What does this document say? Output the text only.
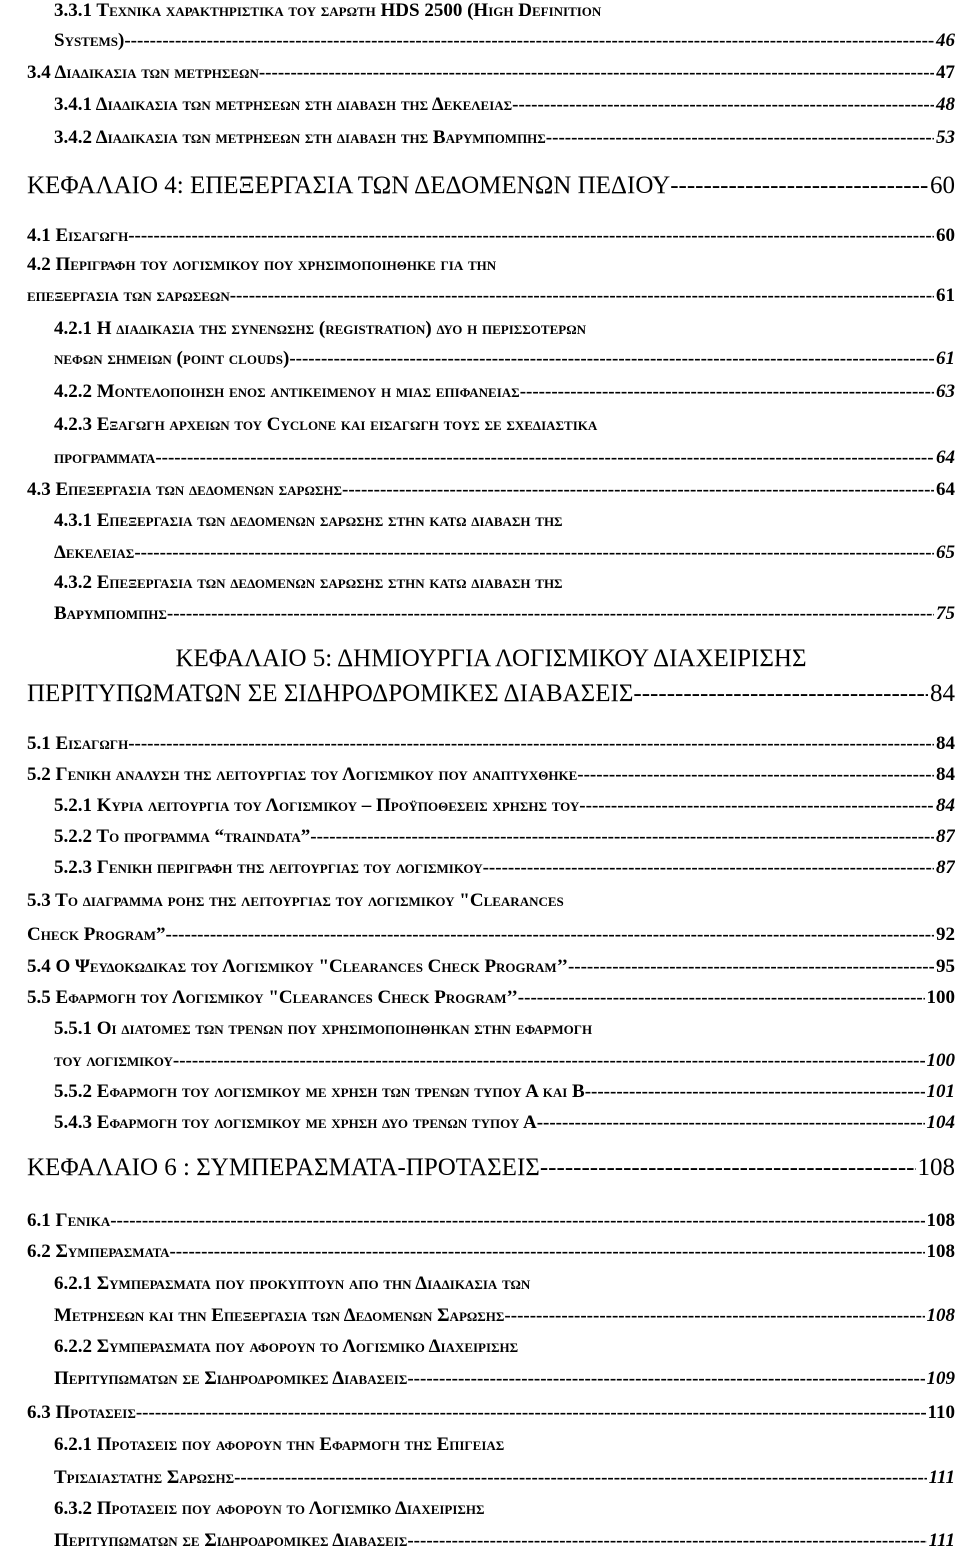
3.3.1 Τεχνικα χαρακτηριστικα του σαρωτη HDS 2500 (High Definition
Systems) -----	46
3.4 Διαδικασια των μετρησεων -----	47
3.4.1 Διαδικασια των μετρησεων στη διαβαση της Δεκελειας -----	48
3.4.2 Διαδικασια των μετρησεων στη διαβαση της Βαρυμπομπης -----	53
ΚΕΦΑΛΑΙΟ 4: ΕΠΕΞΕΡΓΑΣΙΑ ΤΩΝ ΔΕΔΟΜΕΝΩΝ ΠΕΔΙΟΥ -----	60
4.1 Εισαγωγη -----	60
4.2 Περιγραφη του λογισμικου που χρησιμοποιηθηκε για την
επεξεργασια των σαρωσεων -----	61
4.2.1 Η διαδικασια της συνενωσης (registration) δυο η περισσοτερων
νεφων σημειων (point clouds) -----	61
4.2.2 Μοντελοποιηση ενος αντικειμενου η μιας επιφανειας -----	63
4.2.3 Εξαγωγη αρχειων του Cyclone και εισαγωγη τους σε σχεδιαστικα
προγραμματα -----	64
4.3 Επεξεργασια των δεδομενων σαρωσης -----	64
4.3.1 Επεξεργασια των δεδομενων σαρωσης στην κατω διαβαση της
Δεκελειας -----	65
4.3.2 Επεξεργασια των δεδομενων σαρωσης στην κατω διαβαση της
Βαρυμπομπης -----	75
ΚΕΦΑΛΑΙΟ 5: ΔΗΜΙΟΥΡΓΙΑ ΛΟΓΙΣΜΙΚΟΥ ΔΙΑΧΕΙΡΙΣΗΣ
ΠΕΡΙΤΥΠΩΜΑΤΩΝ ΣΕ ΣΙΔΗΡΟΔΡΟΜΙΚΕΣ ΔΙΑΒΑΣΕΙΣ -----	84
5.1 Εισαγωγη -----	84
5.2 Γενικη αναλυση της λειτουργιας του Λογισμικου που αναπτυχθηκε -----	84
5.2.1 Κυρια λειτουργια του Λογισμικου – Προϋποθεσεις χρησης του -----	84
5.2.2 Το προγραμμα “traindata” -----	87
5.2.3 Γενικη περιγραφη της λειτουργιας του λογισμικου -----	87
5.3 Το διαγραμμα ροης της λειτουργιας του λογισμικου "Clearances
Check Program” -----	92
5.4 Ο Ψευδοκωδικας του Λογισμικου "Clearances Check Program’’ -----	95
5.5 Εφαρμογη του Λογισμικου "Clearances Check Program’’ -----	100
5.5.1 Οι διατομες των τρενων που χρησιμοποιηθηκαν στην εφαρμογη
του λογισμικου -----	100
5.5.2 Εφαρμογη του λογισμικου με χρηση των τρενων τυπου Α και Β -----	101
5.4.3 Εφαρμογη του λογισμικου με χρηση δυο τρενων τυπου Α -----	104
ΚΕΦΑΛΑΙΟ 6 : ΣΥΜΠΕΡΑΣΜΑΤΑ-ΠΡΟΤΑΣΕΙΣ -----	108
6.1 Γενικα -----	108
6.2 Συμπερασματα -----	108
6.2.1 Συμπερασματα που προκυπτουν απο την Διαδικασια των
Μετρησεων και την Επεξεργασια των Δεδομενων Σαρωσης -----	108
6.2.2 Συμπερασματα που αφορουν το Λογισμικο Διαχειρισης
Περιτυπωματων σε Σιδηροδρομικες Διαβασεις -----	109
6.3 Προτασεις -----	110
6.2.1 Προτασεις που αφορουν την Εφαρμογη της Επιγειας
Τρισδιαστατης Σαρωσης -----	111
6.3.2 Προτασεις που αφορουν το Λογισμικο Διαχειρισης
Περιτυπωματων σε Σιδηροδρομικες Διαβασεις -----	111
